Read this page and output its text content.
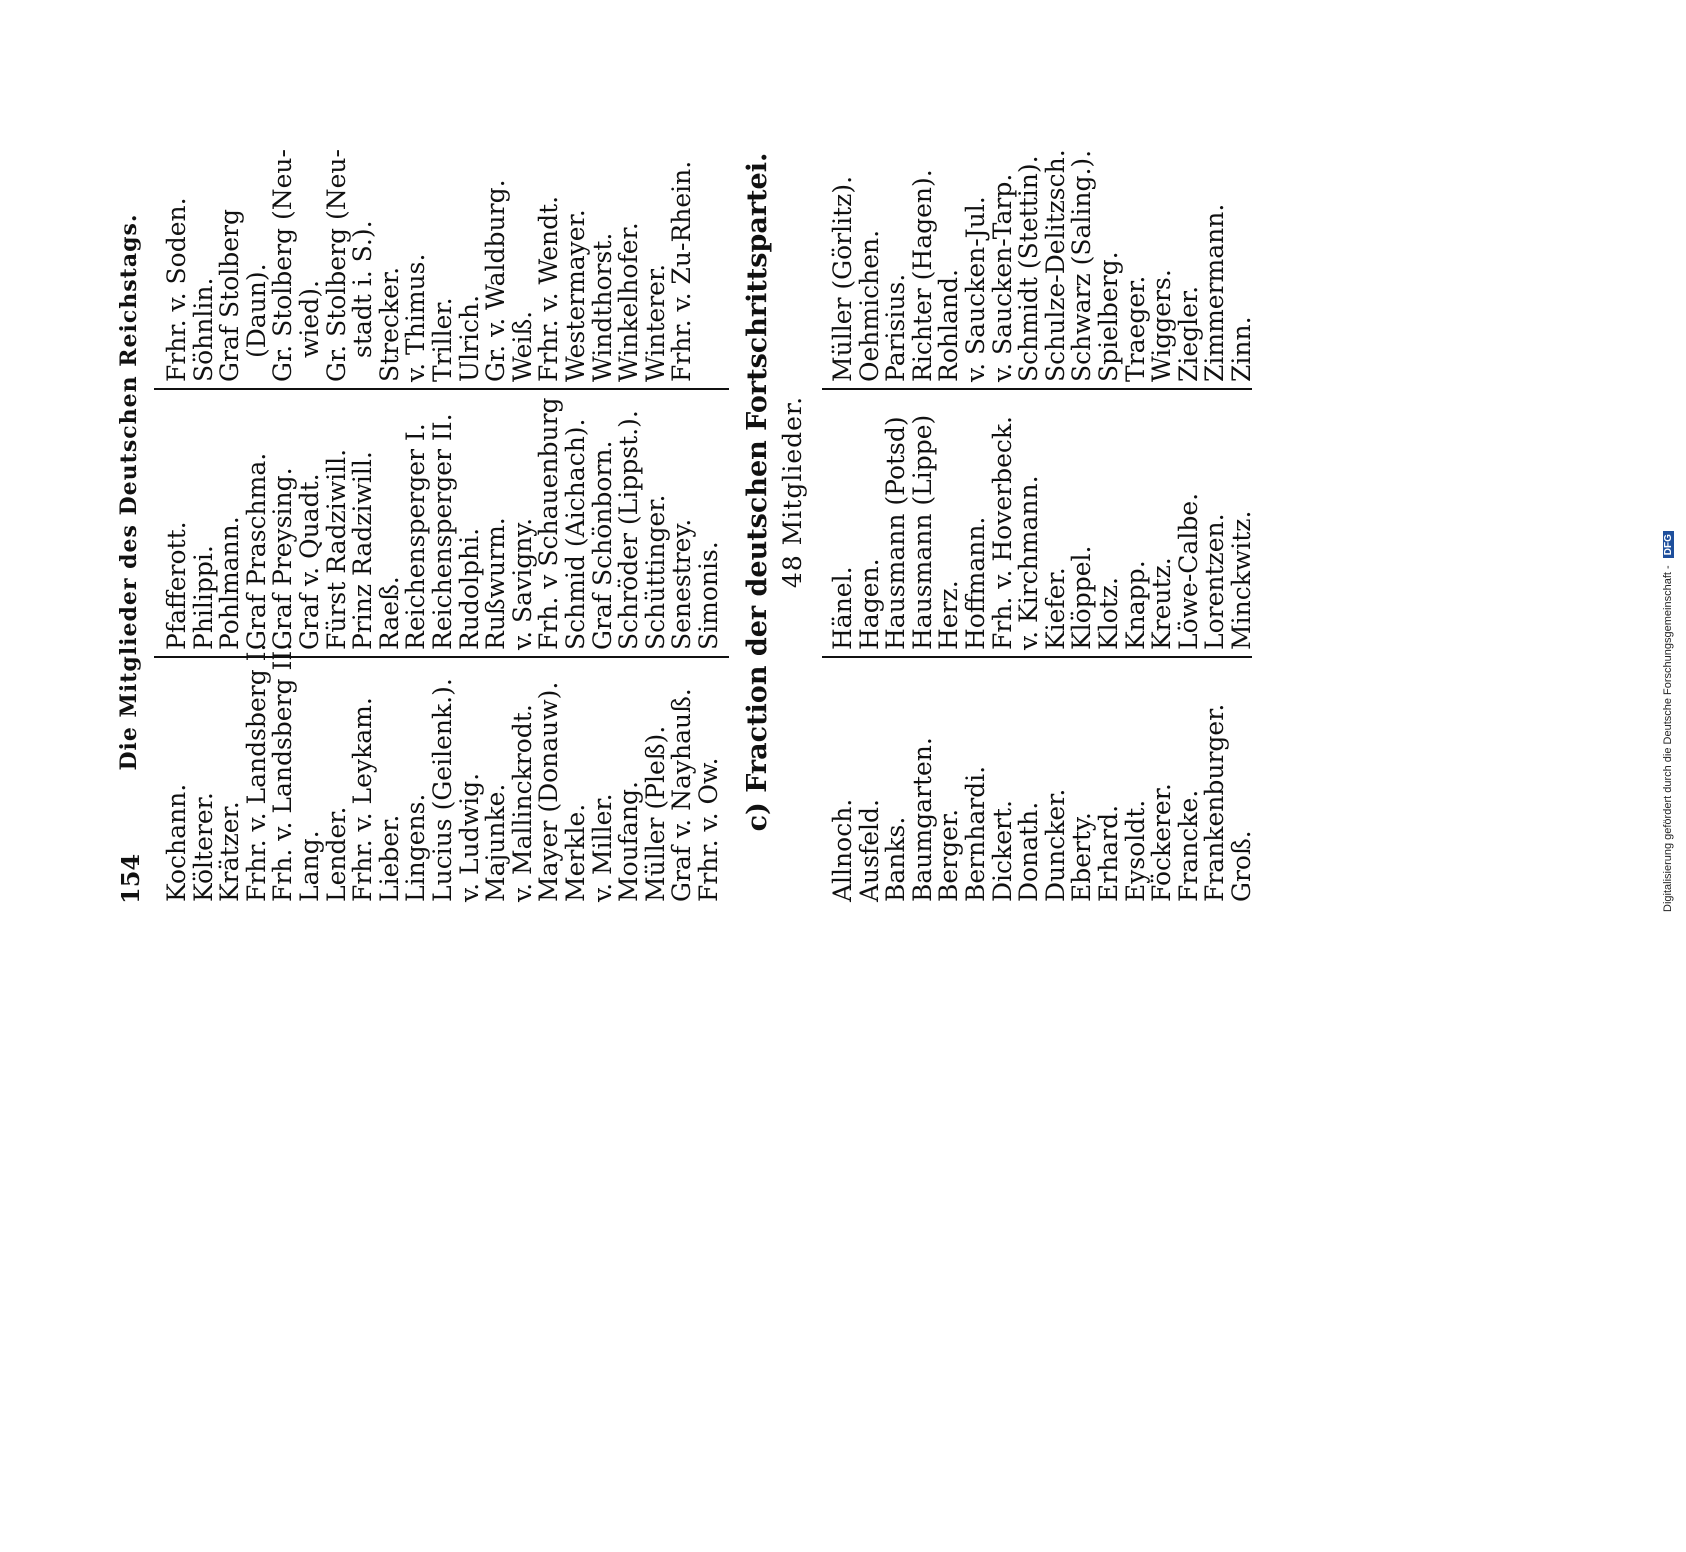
154
Die Mitglieder des Deutschen Reichstags.
Kochann.
Költerer.
Krätzer.
Frhr. v. Landsberg I.
Frh. v. Landsberg II.
Lang.
Lender.
Frhr. v. Leykam.
Lieber.
Lingens.
Lucius (Geilenk.).
v. Ludwig.
Majunke.
v. Mallinckrodt.
Mayer (Donauw).
Merkle.
v. Miller.
Moufang.
Müller (Pleß).
Graf v. Nayhauß.
Frhr. v. Ow.
Pfafferott.
Philippi.
Pohlmann.
Graf Praschma.
Graf Preysing.
Graf v. Quadt.
Fürst Radziwill.
Prinz Radziwill.
Raeß.
Reichensperger I.
Reichensperger II.
Rudolphi.
Rußwurm.
v. Savigny.
Frh. v Schauenburg
Schmid (Aichach).
Graf Schönborn.
Schröder (Lippst.).
Schüttinger.
Senestrey.
Simonis.
Frhr. v. Soden.
Söhnlin.
Graf Stolberg
(Daun).
Gr. Stolberg (Neu-
wied).
Gr. Stolberg (Neu-
stadt i. S.).
Strecker.
v. Thimus.
Triller.
Ulrich.
Gr. v. Waldburg.
Weiß.
Frhr. v. Wendt.
Westermayer.
Windthorst.
Winkelhofer.
Winterer.
Frhr. v. Zu-Rhein. c) Fraction der deutschen Fortschrittspartei. 48 Mitglieder.
Allnoch.
Ausfeld.
Banks.
Baumgarten.
Berger.
Bernhardi.
Dickert.
Donath.
Duncker.
Eberty.
Erhard.
Eysoldt.
Föckerer.
Francke.
Frankenburger.
Groß.
Hänel.
Hagen.
Hausmann (Potsd)
Hausmann (Lippe)
Herz.
Hoffmann.
Frh. v. Hoverbeck.
v. Kirchmann.
Kiefer.
Klöppel.
Klotz.
Knapp.
Kreutz.
Löwe-Calbe.
Lorentzen.
Minckwitz.
Müller (Görlitz).
Oehmichen.
Parisius.
Richter (Hagen).
Rohland.
v. Saucken-Jul.
v. Saucken-Tarp.
Schmidt (Stettin).
Schulze-Delitzsch.
Schwarz (Saling.).
Spielberg.
Traeger.
Wiggers.
Ziegler.
Zimmermann.
Zinn.
Digitalisierung gefördert durch die Deutsche Forschungsgemeinschaft - DFG
